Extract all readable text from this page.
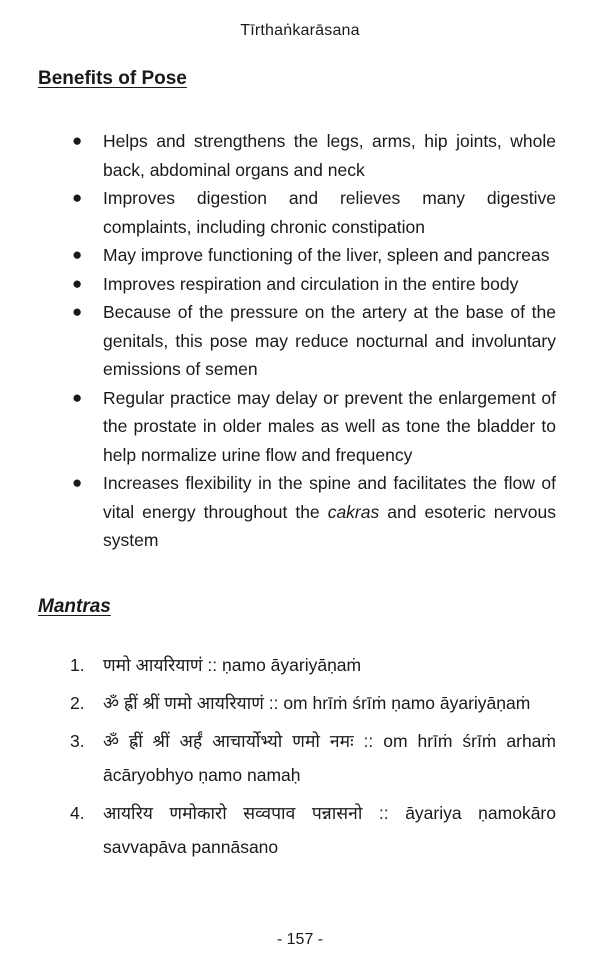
Tīrthaṅkarāsana
Benefits of Pose
● Helps and strengthens the legs, arms, hip joints, whole back, abdominal organs and neck
● Improves digestion and relieves many digestive complaints, including chronic constipation
● May improve functioning of the liver, spleen and pancreas
● Improves respiration and circulation in the entire body
● Because of the pressure on the artery at the base of the genitals, this pose may reduce nocturnal and involuntary emissions of semen
● Regular practice may delay or prevent the enlargement of the prostate in older males as well as tone the bladder to help normalize urine flow and frequency
● Increases flexibility in the spine and facilitates the flow of vital energy throughout the cakras and esoteric nervous system
Mantras
1. णमो आयरियाणं :: ṇamo āyariyāṇaṁ
2. ॐ ह्रीं श्रीं णमो आयरियाणं :: om hrīṁ śrīṁ ṇamo āyariyāṇaṁ
3. ॐ ह्रीं श्रीं अर्हं आचार्योभ्यो णमो नमः :: om hrīṁ śrīṁ arhaṁ ācāryobhyo ṇamo namaḥ
4. आयरिय णमोकारो सव्वपाव पन्नासनो :: āyariya ṇamokāro savvapāva pannāsano
- 157 -
